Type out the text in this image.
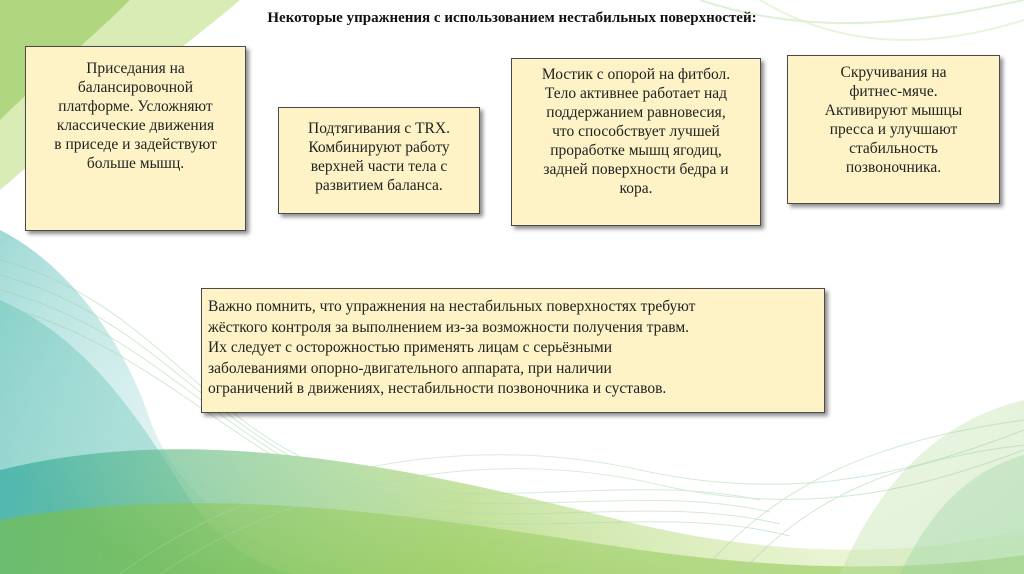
Некоторые упражнения с использованием нестабильных поверхностей:
Приседания на
балансировочной
платформе. Усложняют
классические движения
в приседе и задействуют
больше мышц.
Подтягивания с TRX.
Комбинируют работу
верхней части тела с
развитием баланса.
Мостик с опорой на фитбол.
Тело активнее работает над
поддержанием равновесия,
что способствует лучшей
проработке мышц ягодиц,
задней поверхности бедра и
кора.
Скручивания на
фитнес-мяче.
Активируют мышцы
пресса и улучшают
стабильность
позвоночника.
Важно помнить, что упражнения на нестабильных поверхностях требуют
жёсткого контроля за выполнением из-за возможности получения травм.
Их следует с осторожностью применять лицам с серьёзными
заболеваниями опорно-двигательного аппарата, при наличии
ограничений в движениях, нестабильности позвоночника и суставов.
